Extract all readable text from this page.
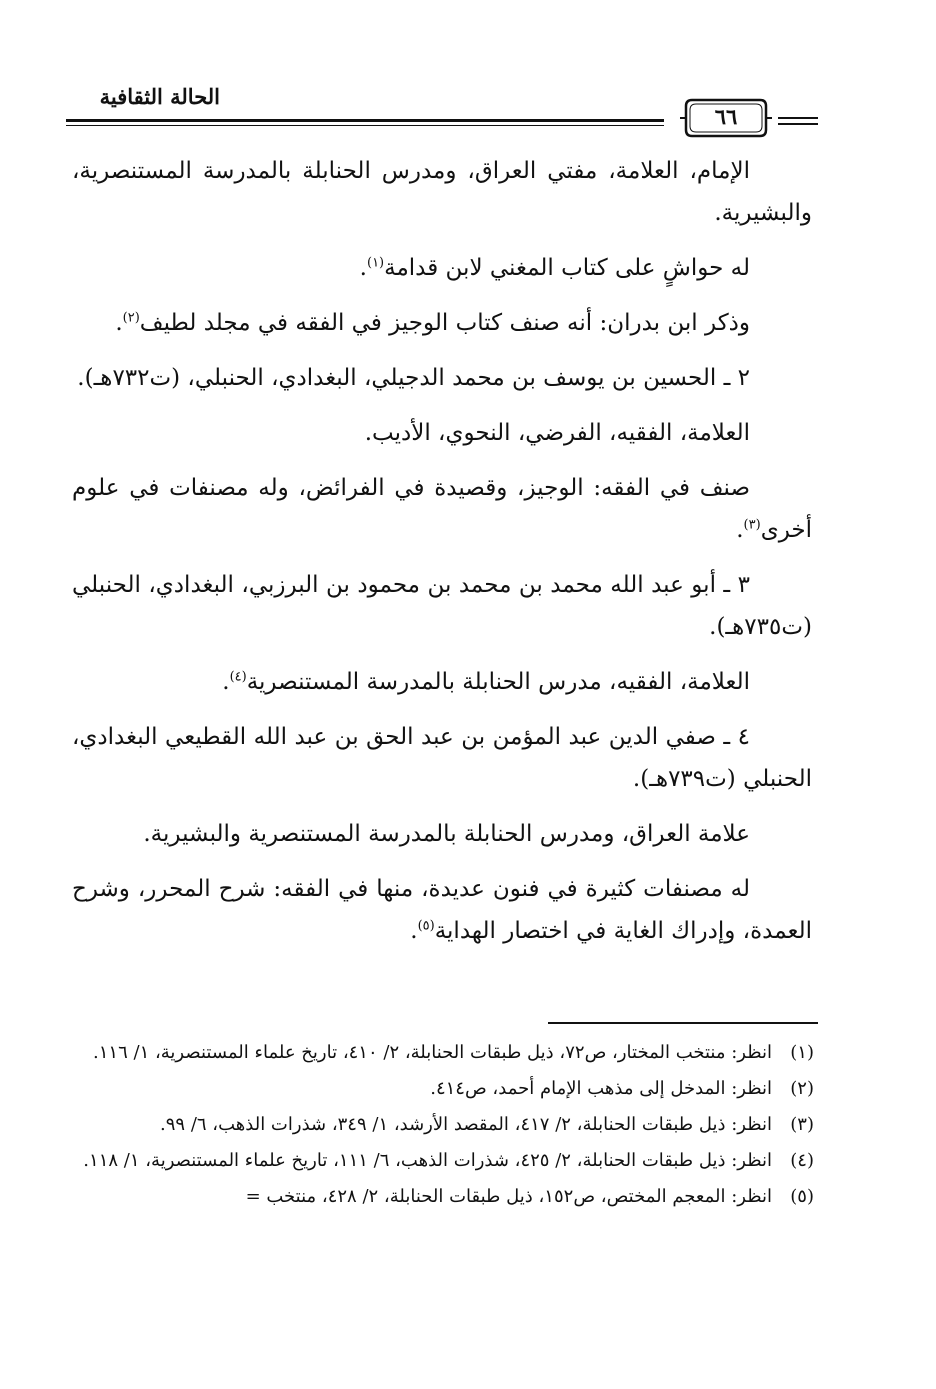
الحالة الثقافية
٦٦

الإمام، العلامة، مفتي العراق، ومدرس الحنابلة بالمدرسة المستنصرية، والبشيرية.

له حواشٍ على كتاب المغني لابن قدامة$^{(١)}$.

وذكر ابن بدران: أنه صنف كتاب الوجيز في الفقه في مجلد لطيف$^{(٢)}$.

٢ ـ الحسين بن يوسف بن محمد الدجيلي، البغدادي، الحنبلي، (ت٧٣٢هـ).

العلامة، الفقيه، الفرضي، النحوي، الأديب.

صنف في الفقه: الوجيز، وقصيدة في الفرائض، وله مصنفات في علوم أخرى$^{(٣)}$.

٣ ـ أبو عبد الله محمد بن محمد بن محمود بن البرزبي، البغدادي، الحنبلي (ت٧٣٥هـ).

العلامة، الفقيه، مدرس الحنابلة بالمدرسة المستنصرية$^{(٤)}$.

٤ ـ صفي الدين عبد المؤمن بن عبد الحق بن عبد الله القطيعي البغدادي، الحنبلي (ت٧٣٩هـ).

علامة العراق، ومدرس الحنابلة بالمدرسة المستنصرية والبشيرية.

له مصنفات كثيرة في فنون عديدة، منها في الفقه: شرح المحرر، وشرح العمدة، وإدراك الغاية في اختصار الهداية$^{(٥)}$.

(١)
انظر: منتخب المختار، ص٧٢، ذيل طبقات الحنابلة، ٢/ ٤١٠، تاريخ علماء المستنصرية، ١/ ١١٦.
(٢)
انظر: المدخل إلى مذهب الإمام أحمد، ص٤١٤.
(٣)
انظر: ذيل طبقات الحنابلة، ٢/ ٤١٧، المقصد الأرشد، ١/ ٣٤٩، شذرات الذهب، ٦/ ٩٩.
(٤)
انظر: ذيل طبقات الحنابلة، ٢/ ٤٢٥، شذرات الذهب، ٦/ ١١١، تاريخ علماء المستنصرية، ١/ ١١٨.
(٥)
انظر: المعجم المختص، ص١٥٢، ذيل طبقات الحنابلة، ٢/ ٤٢٨، منتخب =
